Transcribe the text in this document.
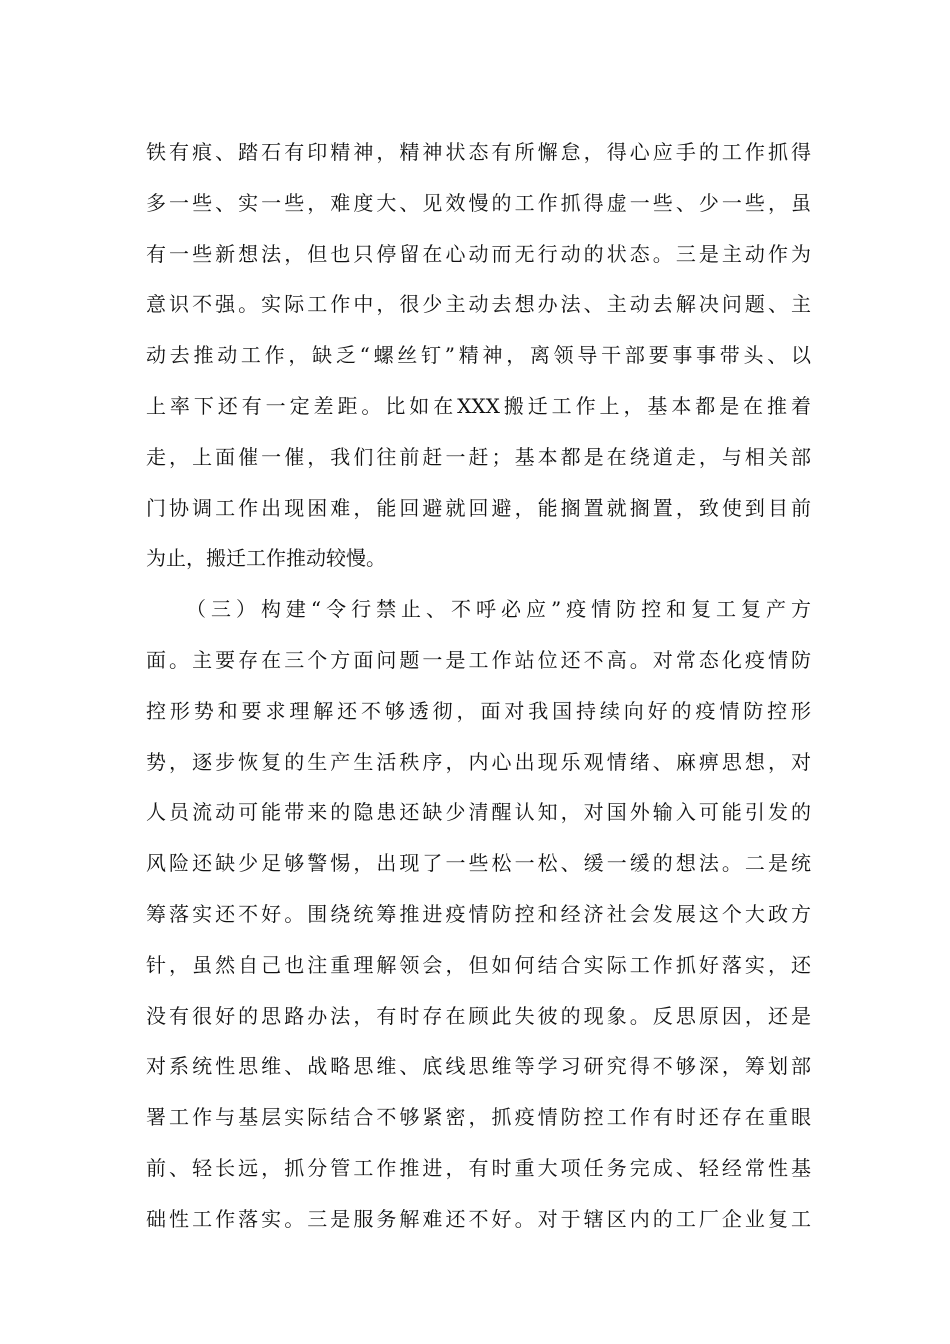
铁有痕、踏石有印精神，精神状态有所懈怠，得心应手的工作抓得
多一些、实一些，难度大、见效慢的工作抓得虚一些、少一些，虽
有一些新想法，但也只停留在心动而无行动的状态。三是主动作为
意识不强。实际工作中，很少主动去想办法、主动去解决问题、主
动去推动工作，缺乏“螺丝钉”精神，离领导干部要事事带头、以
上率下还有一定差距。比如在XXX搬迁工作上，基本都是在推着
走，上面催一催，我们往前赶一赶；基本都是在绕道走，与相关部
门协调工作出现困难，能回避就回避，能搁置就搁置，致使到目前
为止，搬迁工作推动较慢。
（三）构建“令行禁止、不呼必应”疫情防控和复工复产方
面。主要存在三个方面问题一是工作站位还不高。对常态化疫情防
控形势和要求理解还不够透彻，面对我国持续向好的疫情防控形
势，逐步恢复的生产生活秩序，内心出现乐观情绪、麻痹思想，对
人员流动可能带来的隐患还缺少清醒认知，对国外输入可能引发的
风险还缺少足够警惕，出现了一些松一松、缓一缓的想法。二是统
筹落实还不好。围绕统筹推进疫情防控和经济社会发展这个大政方
针，虽然自己也注重理解领会，但如何结合实际工作抓好落实，还
没有很好的思路办法，有时存在顾此失彼的现象。反思原因，还是
对系统性思维、战略思维、底线思维等学习研究得不够深，筹划部
署工作与基层实际结合不够紧密，抓疫情防控工作有时还存在重眼
前、轻长远，抓分管工作推进，有时重大项任务完成、轻经常性基
础性工作落实。三是服务解难还不好。对于辖区内的工厂企业复工
